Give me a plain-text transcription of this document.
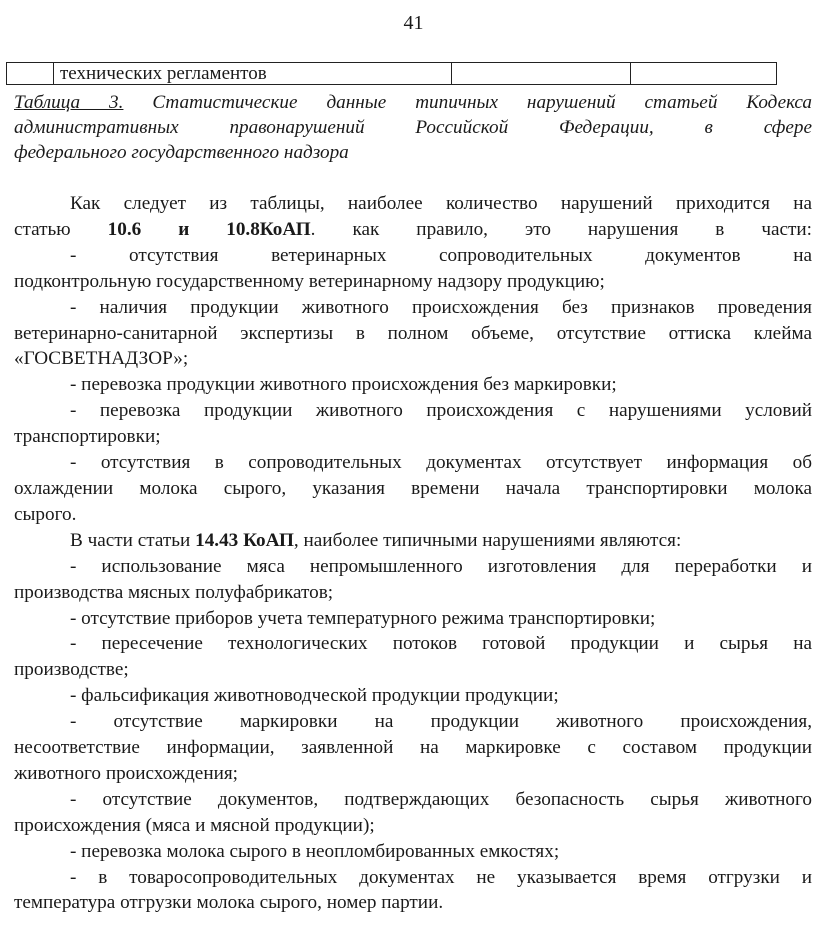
41
	технических регламентов		
Таблица 3. Статистические данные типичных нарушений статьей Кодекса
административных правонарушений Российской Федерации, в сфере
федерального государственного надзора
Как следует из таблицы, наиболее количество нарушений приходится на
статью 10.6 и 10.8КоАП. как правило, это нарушения в части:
- отсутствия ветеринарных сопроводительных документов на
подконтрольную государственному ветеринарному надзору продукцию;
- наличия продукции животного происхождения без признаков проведения
ветеринарно-санитарной экспертизы в полном объеме, отсутствие оттиска клейма
«ГОСВЕТНАДЗОР»;
- перевозка продукции животного происхождения без маркировки;
- перевозка продукции животного происхождения с нарушениями условий
транспортировки;
- отсутствия в сопроводительных документах отсутствует информация об
охлаждении молока сырого, указания времени начала транспортировки молока
сырого.
В части статьи 14.43 КоАП, наиболее типичными нарушениями являются:
- использование мяса непромышленного изготовления для переработки и
производства мясных полуфабрикатов;
- отсутствие приборов учета температурного режима транспортировки;
- пересечение технологических потоков готовой продукции и сырья на
производстве;
- фальсификация животноводческой продукции продукции;
- отсутствие маркировки на продукции животного происхождения,
несоответствие информации, заявленной на маркировке с составом продукции
животного происхождения;
- отсутствие документов, подтверждающих безопасность сырья животного
происхождения (мяса и мясной продукции);
- перевозка молока сырого в неопломбированных емкостях;
- в товаросопроводительных документах не указывается время отгрузки и
температура отгрузки молока сырого, номер партии.
